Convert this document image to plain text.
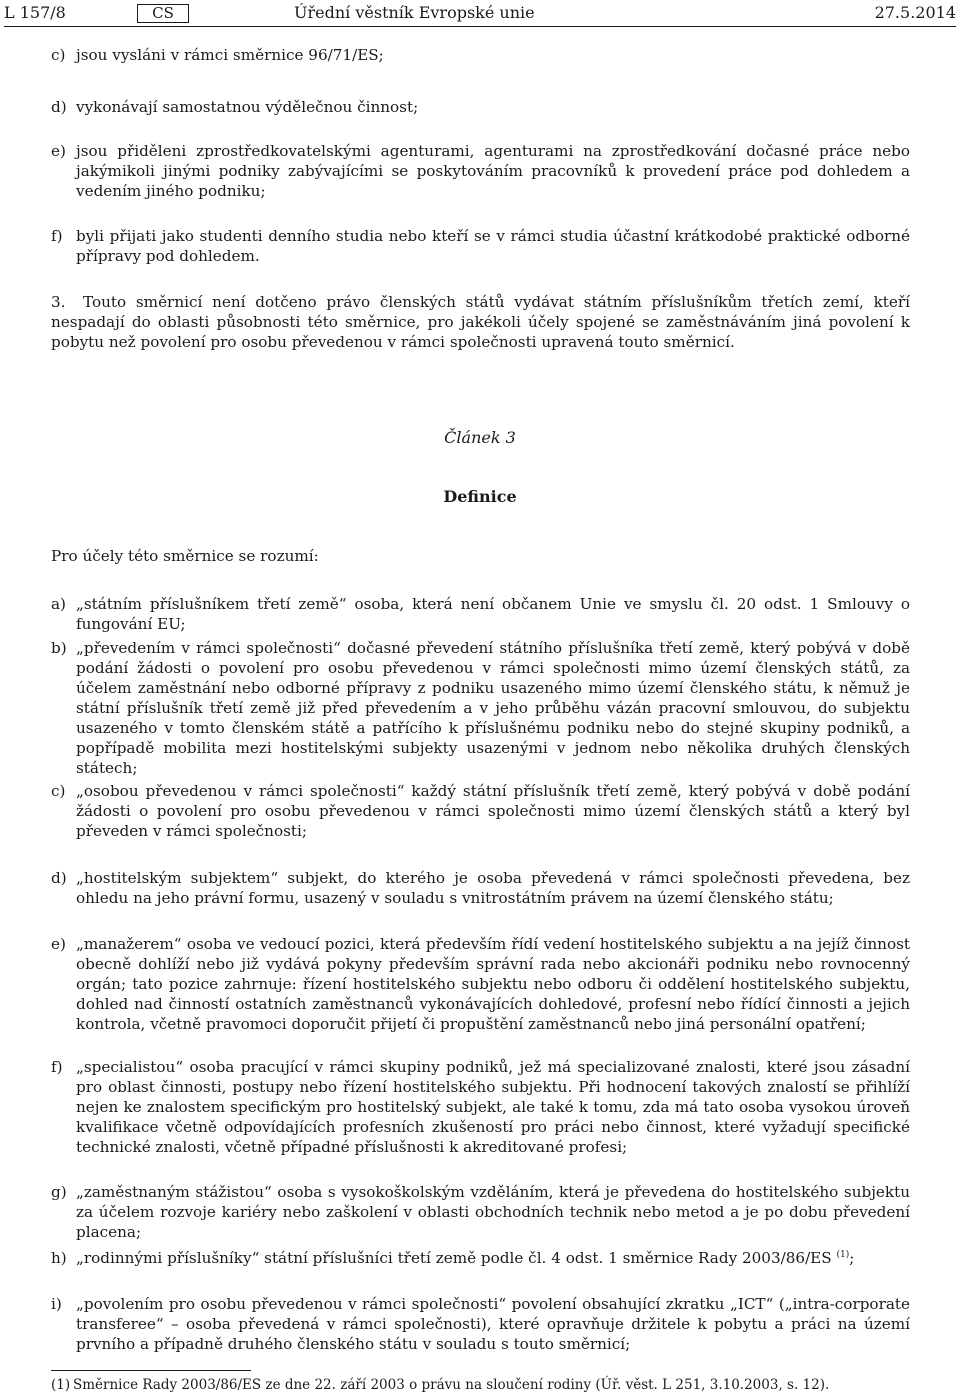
L 157/8	CS	Úřední věstník Evropské unie	27.5.2014
c) jsou vysláni v rámci směrnice 96/71/ES;
d) vykonávají samostatnou výdělečnou činnost;
e) jsou přiděleni zprostředkovatelskými agenturami, agenturami na zprostředkování dočasné práce nebo jakýmikoli jinými podniky zabývajícími se poskytováním pracovníků k provedení práce pod dohledem a vedením jiného podniku;
f) byli přijati jako studenti denního studia nebo kteří se v rámci studia účastní krátkodobé praktické odborné přípravy pod dohledem.
3. Touto směrnicí není dotčeno právo členských států vydávat státním příslušníkům třetích zemí, kteří nespadají do oblasti působnosti této směrnice, pro jakékoli účely spojené se zaměstnáváním jiná povolení k pobytu než povolení pro osobu převedenou v rámci společnosti upravená touto směrnicí.
Článek 3
Definice
Pro účely této směrnice se rozumí:
a) „státním příslušníkem třetí země“ osoba, která není občanem Unie ve smyslu čl. 20 odst. 1 Smlouvy o fungování EU;
b) „převedením v rámci společnosti“ dočasné převedení státního příslušníka třetí země, který pobývá v době podání žádosti o povolení pro osobu převedenou v rámci společnosti mimo území členských států, za účelem zaměstnání nebo odborné přípravy z podniku usazeného mimo území členského státu, k němuž je státní příslušník třetí země již před převedením a v jeho průběhu vázán pracovní smlouvou, do subjektu usazeného v tomto členském státě a patřícího k příslušnému podniku nebo do stejné skupiny podniků, a popřípadě mobilita mezi hostitelskými subjekty usazenými v jednom nebo několika druhých členských státech;
c) „osobou převedenou v rámci společnosti“ každý státní příslušník třetí země, který pobývá v době podání žádosti o povolení pro osobu převedenou v rámci společnosti mimo území členských států a který byl převeden v rámci společnosti;
d) „hostitelským subjektem“ subjekt, do kterého je osoba převedená v rámci společnosti převedena, bez ohledu na jeho právní formu, usazený v souladu s vnitrostátním právem na území členského státu;
e) „manažerem“ osoba ve vedoucí pozici, která především řídí vedení hostitelského subjektu a na jejíž činnost obecně dohlíží nebo již vydává pokyny především správní rada nebo akcionáři podniku nebo rovnocenný orgán; tato pozice zahrnuje: řízení hostitelského subjektu nebo odboru či oddělení hostitelského subjektu, dohled nad činností ostatních zaměstnanců vykonávajících dohledové, profesní nebo řídící činnosti a jejich kontrola, včetně pravomoci doporučit přijetí či propuštění zaměstnanců nebo jiná personální opatření;
f) „specialistou“ osoba pracující v rámci skupiny podniků, jež má specializované znalosti, které jsou zásadní pro oblast činnosti, postupy nebo řízení hostitelského subjektu. Při hodnocení takových znalostí se přihlíží nejen ke znalostem specifickým pro hostitelský subjekt, ale také k tomu, zda má tato osoba vysokou úroveň kvalifikace včetně odpovídajících profesních zkušeností pro práci nebo činnost, které vyžadují specifické technické znalosti, včetně případné příslušnosti k akreditované profesi;
g) „zaměstnaným stážistou“ osoba s vysokoškolským vzděláním, která je převedena do hostitelského subjektu za účelem rozvoje kariéry nebo zaškolení v oblasti obchodních technik nebo metod a je po dobu převedení placena;
h) „rodinnými příslušníky“ státní příslušníci třetí země podle čl. 4 odst. 1 směrnice Rady 2003/86/ES $^{(1)}$;
i) „povolením pro osobu převedenou v rámci společnosti“ povolení obsahující zkratku „ICT“ („intra-corporate transferee“ – osoba převedená v rámci společnosti), které opravňuje držitele k pobytu a práci na území prvního a případně druhého členského státu v souladu s touto směrnicí;
(1) Směrnice Rady 2003/86/ES ze dne 22. září 2003 o právu na sloučení rodiny (Úř. věst. L 251, 3.10.2003, s. 12).
